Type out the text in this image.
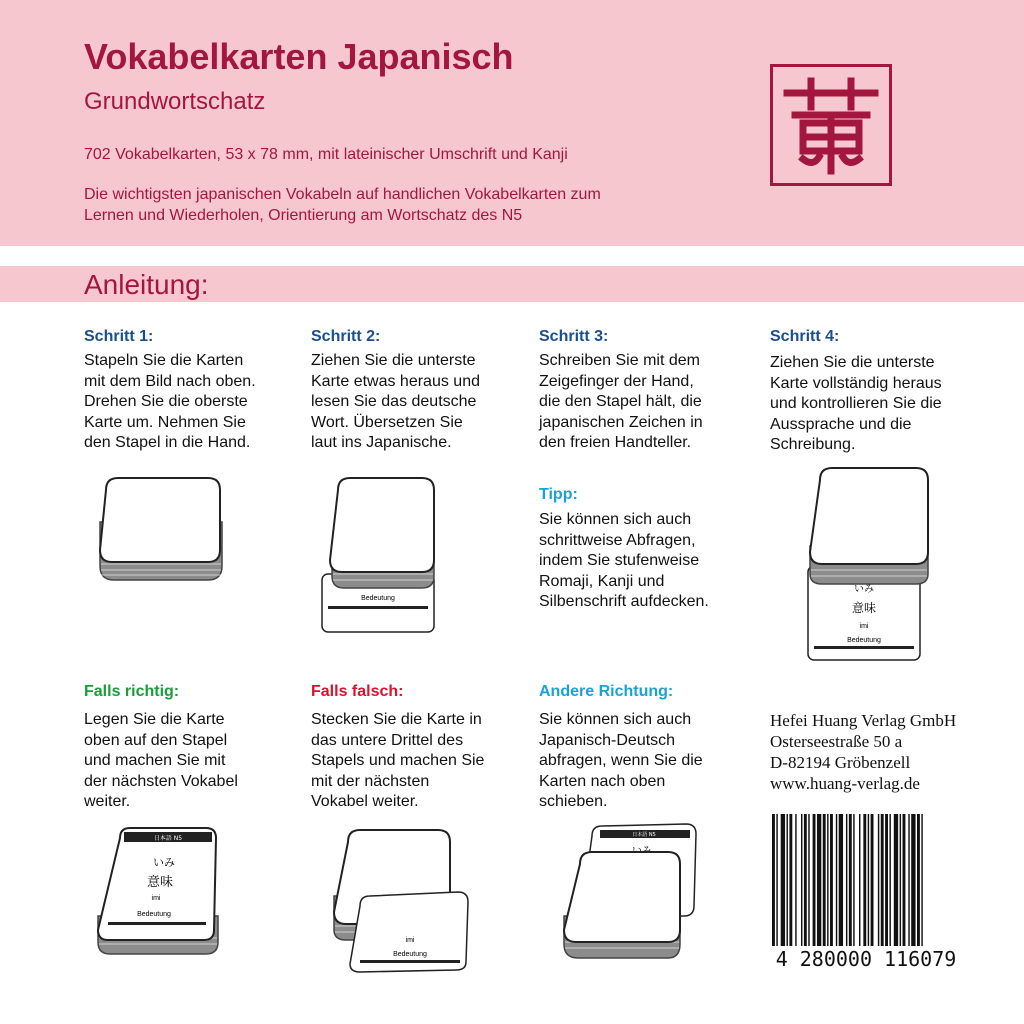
Vokabelkarten Japanisch
Grundwortschatz
702 Vokabelkarten, 53 x 78 mm, mit lateinischer Umschrift und Kanji
Die wichtigsten japanischen Vokabeln auf handlichen Vokabelkarten zum
Lernen und Wiederholen, Orientierung am Wortschatz des N5
Anleitung:
Schritt 1:
Stapeln Sie die Karten
mit dem Bild nach oben.
Drehen Sie die oberste
Karte um. Nehmen Sie
den Stapel in die Hand.
Schritt 2:
Ziehen Sie die unterste
Karte etwas heraus und
lesen Sie das deutsche
Wort. Übersetzen Sie
laut ins Japanische.
Schritt 3:
Schreiben Sie mit dem
Zeigefinger der Hand,
die den Stapel hält, die
japanischen Zeichen in
den freien Handteller.
Tipp:
Sie können sich auch
schrittweise Abfragen,
indem Sie stufenweise
Romaji, Kanji und
Silbenschrift aufdecken.
Schritt 4:
Ziehen Sie die unterste
Karte vollständig heraus
und kontrollieren Sie die
Aussprache und die
Schreibung.
Bedeutung
いみ
意味
imi
Bedeutung
Falls richtig:
Legen Sie die Karte
oben auf den Stapel
und machen Sie mit
der nächsten Vokabel
weiter.
Falls falsch:
Stecken Sie die Karte in
das untere Drittel des
Stapels und machen Sie
mit der nächsten
Vokabel weiter.
Andere Richtung:
Sie können sich auch
Japanisch-Deutsch
abfragen, wenn Sie die
Karten nach oben
schieben.
日本語 N5
いみ
意味
imi
Bedeutung
imi
Bedeutung
日本語 N5
Hefei Huang Verlag GmbH
Osterseestraße 50 a
D-82194 Gröbenzell
www.huang-verlag.de
4 280000 116079
